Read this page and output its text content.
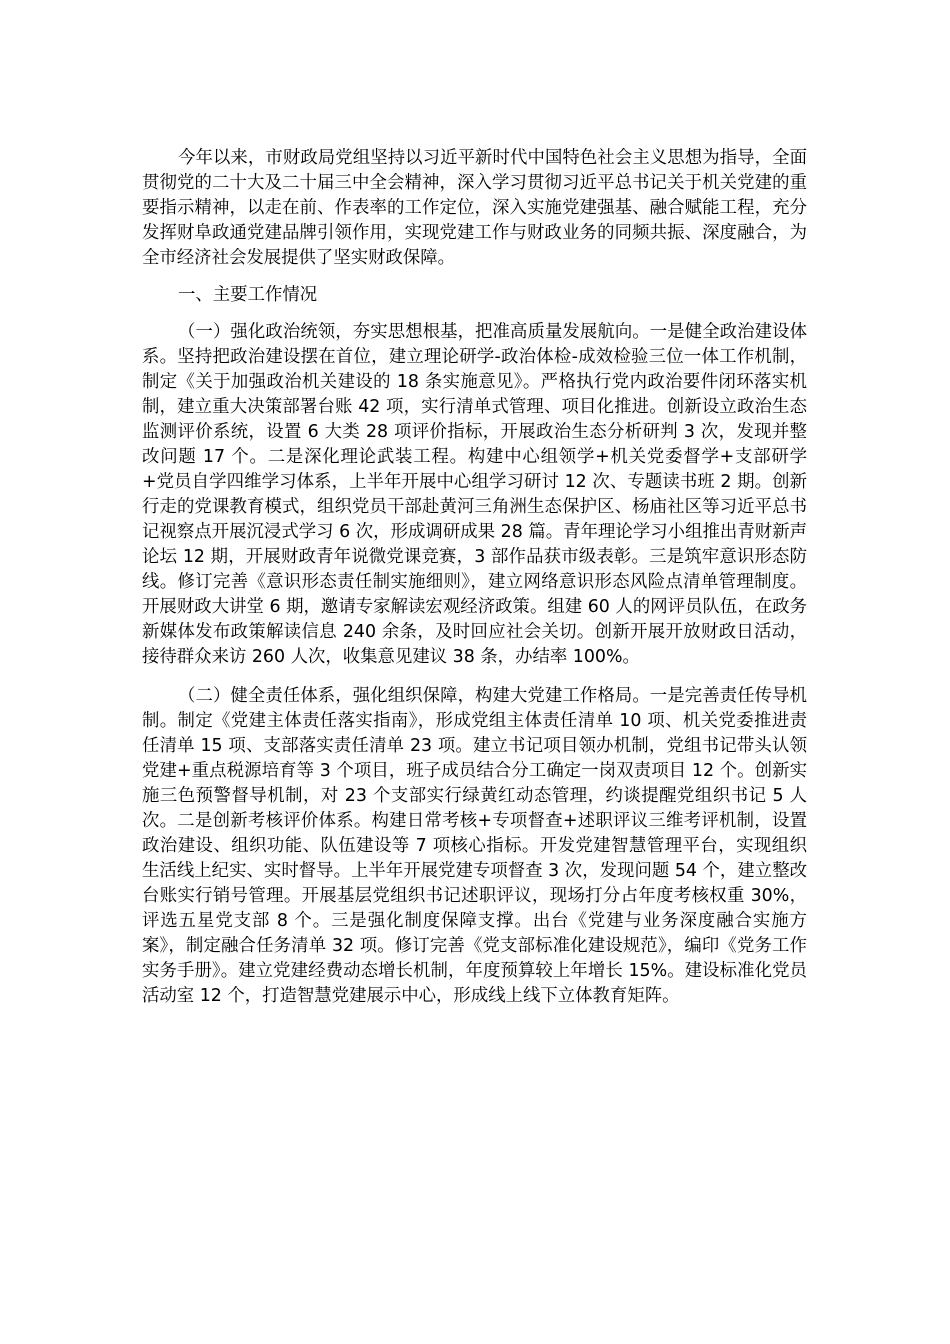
今年以来，市财政局党组坚持以习近平新时代中国特色社会主义思想为指导，全面贯彻党的二十大及二十届三中全会精神，深入学习贯彻习近平总书记关于机关党建的重要指示精神，以走在前、作表率的工作定位，深入实施党建强基、融合赋能工程，充分发挥财阜政通党建品牌引领作用，实现党建工作与财政业务的同频共振、深度融合，为全市经济社会发展提供了坚实财政保障。

一、主要工作情况

（一）强化政治统领，夯实思想根基，把准高质量发展航向。一是健全政治建设体系。坚持把政治建设摆在首位，建立理论研学-政治体检-成效检验三位一体工作机制，制定《关于加强政治机关建设的 18 条实施意见》。严格执行党内政治要件闭环落实机制，建立重大决策部署台账 42 项，实行清单式管理、项目化推进。创新设立政治生态监测评价系统，设置 6 大类 28 项评价指标，开展政治生态分析研判 3 次，发现并整改问题 17 个。二是深化理论武装工程。构建中心组领学+机关党委督学+支部研学+党员自学四维学习体系，上半年开展中心组学习研讨 12 次、专题读书班 2 期。创新行走的党课教育模式，组织党员干部赴黄河三角洲生态保护区、杨庙社区等习近平总书记视察点开展沉浸式学习 6 次，形成调研成果 28 篇。青年理论学习小组推出青财新声论坛 12 期，开展财政青年说微党课竞赛，3 部作品获市级表彰。三是筑牢意识形态防线。修订完善《意识形态责任制实施细则》，建立网络意识形态风险点清单管理制度。开展财政大讲堂 6 期，邀请专家解读宏观经济政策。组建 60 人的网评员队伍，在政务新媒体发布政策解读信息 240 余条，及时回应社会关切。创新开展开放财政日活动，接待群众来访 260 人次，收集意见建议 38 条，办结率 100%。

（二）健全责任体系，强化组织保障，构建大党建工作格局。一是完善责任传导机制。制定《党建主体责任落实指南》，形成党组主体责任清单 10 项、机关党委推进责任清单 15 项、支部落实责任清单 23 项。建立书记项目领办机制，党组书记带头认领党建+重点税源培育等 3 个项目，班子成员结合分工确定一岗双责项目 12 个。创新实施三色预警督导机制，对 23 个支部实行绿黄红动态管理，约谈提醒党组织书记 5 人次。二是创新考核评价体系。构建日常考核+专项督查+述职评议三维考评机制，设置政治建设、组织功能、队伍建设等 7 项核心指标。开发党建智慧管理平台，实现组织生活线上纪实、实时督导。上半年开展党建专项督查 3 次，发现问题 54 个，建立整改台账实行销号管理。开展基层党组织书记述职评议，现场打分占年度考核权重 30%，评选五星党支部 8 个。三是强化制度保障支撑。出台《党建与业务深度融合实施方案》，制定融合任务清单 32 项。修订完善《党支部标准化建设规范》，编印《党务工作实务手册》。建立党建经费动态增长机制，年度预算较上年增长 15%。建设标准化党员活动室 12 个，打造智慧党建展示中心，形成线上线下立体教育矩阵。
